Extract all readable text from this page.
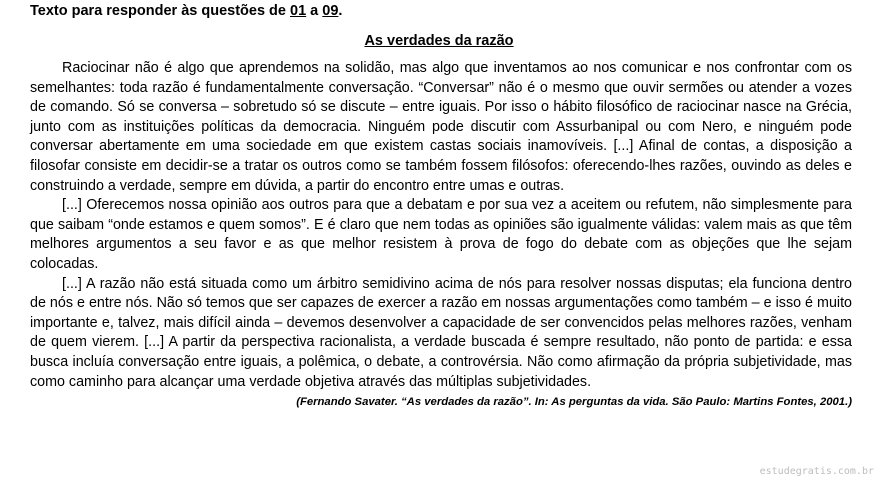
Texto para responder às questões de 01 a 09.
As verdades da razão

Raciocinar não é algo que aprendemos na solidão, mas algo que inventamos ao nos comunicar e nos confrontar com os semelhantes: toda razão é fundamentalmente conversação. “Conversar” não é o mesmo que ouvir sermões ou atender a vozes de comando. Só se conversa – sobretudo só se discute – entre iguais. Por isso o hábito filosófico de raciocinar nasce na Grécia, junto com as instituições políticas da democracia. Ninguém pode discutir com Assurbanipal ou com Nero, e ninguém pode conversar abertamente em uma sociedade em que existem castas sociais inamovíveis. [...] Afinal de contas, a disposição a filosofar consiste em decidir-se a tratar os outros como se também fossem filósofos: oferecendo-lhes razões, ouvindo as deles e construindo a verdade, sempre em dúvida, a partir do encontro entre umas e outras.

[...] Oferecemos nossa opinião aos outros para que a debatam e por sua vez a aceitem ou refutem, não simplesmente para que saibam “onde estamos e quem somos”. E é claro que nem todas as opiniões são igualmente válidas: valem mais as que têm melhores argumentos a seu favor e as que melhor resistem à prova de fogo do debate com as objeções que lhe sejam colocadas.

[...] A razão não está situada como um árbitro semidivino acima de nós para resolver nossas disputas; ela funciona dentro de nós e entre nós. Não só temos que ser capazes de exercer a razão em nossas argumentações como também – e isso é muito importante e, talvez, mais difícil ainda – devemos desenvolver a capacidade de ser convencidos pelas melhores razões, venham de quem vierem. [...] A partir da perspectiva racionalista, a verdade buscada é sempre resultado, não ponto de partida: e essa busca incluía conversação entre iguais, a polêmica, o debate, a controvérsia. Não como afirmação da própria subjetividade, mas como caminho para alcançar uma verdade objetiva através das múltiplas subjetividades.
(Fernando Savater. “As verdades da razão”. In: As perguntas da vida. São Paulo: Martins Fontes, 2001.)

estudegratis.com.br
